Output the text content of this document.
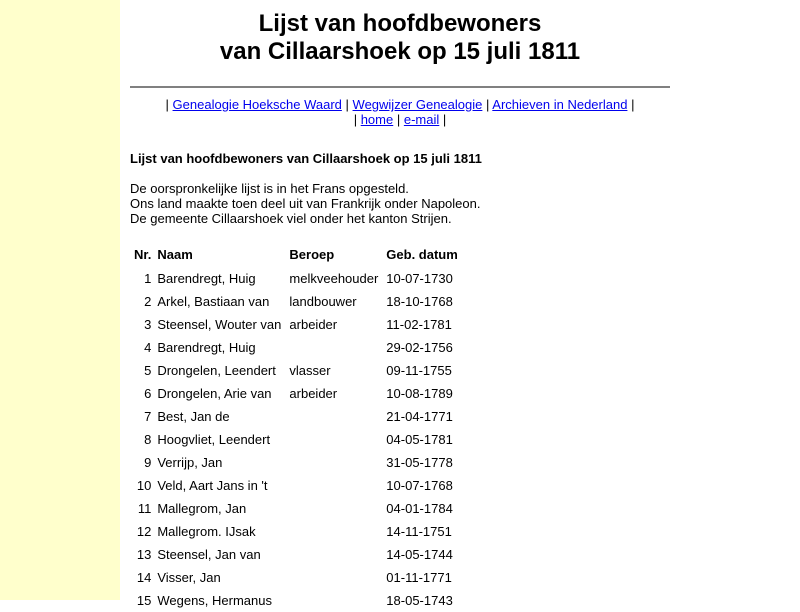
Lijst van hoofdbewoners
van Cillaarshoek op 15 juli 1811
| Genealogie Hoeksche Waard | Wegwijzer Genealogie | Archieven in Nederland |
| home | e-mail |
Lijst van hoofdbewoners van Cillaarshoek op 15 juli 1811
De oorspronkelijke lijst is in het Frans opgesteld.
Ons land maakte toen deel uit van Frankrijk onder Napoleon.
De gemeente Cillaarshoek viel onder het kanton Strijen.
Nr.	Naam	Beroep	Geb. datum
1	Barendregt, Huig	melkveehouder	10-07-1730
2	Arkel, Bastiaan van	landbouwer	18-10-1768
3	Steensel, Wouter van	arbeider	11-02-1781
4	Barendregt, Huig		29-02-1756
5	Drongelen, Leendert	vlasser	09-11-1755
6	Drongelen, Arie van	arbeider	10-08-1789
7	Best, Jan de		21-04-1771
8	Hoogvliet, Leendert		04-05-1781
9	Verrijp, Jan		31-05-1778
10	Veld, Aart Jans in 't		10-07-1768
11	Mallegrom, Jan		04-01-1784
12	Mallegrom. IJsak		14-11-1751
13	Steensel, Jan van		14-05-1744
14	Visser, Jan		01-11-1771
15	Wegens, Hermanus		18-05-1743
